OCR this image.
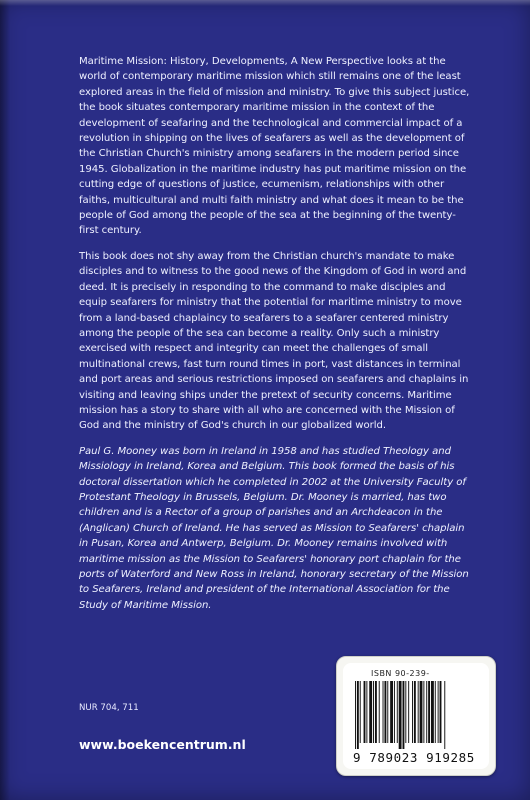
Maritime Mission: History, Developments, A New Perspective looks at the world of contemporary maritime mission which still remains one of the least explored areas in the field of mission and ministry. To give this subject justice, the book situates contemporary maritime mission in the context of the development of seafaring and the technological and commercial impact of a revolution in shipping on the lives of seafarers as well as the development of the Christian Church's ministry among seafarers in the modern period since 1945. Globalization in the maritime industry has put maritime mission on the cutting edge of questions of justice, ecumenism, relationships with other faiths, multicultural and multi faith ministry and what does it mean to be the people of God among the people of the sea at the beginning of the twenty-first century.

This book does not shy away from the Christian church's mandate to make disciples and to witness to the good news of the Kingdom of God in word and deed. It is precisely in responding to the command to make disciples and equip seafarers for ministry that the potential for maritime ministry to move from a land-based chaplaincy to seafarers to a seafarer centered ministry among the people of the sea can become a reality. Only such a ministry exercised with respect and integrity can meet the challenges of small multinational crews, fast turn round times in port, vast distances in terminal and port areas and serious restrictions imposed on seafarers and chaplains in visiting and leaving ships under the pretext of security concerns. Maritime mission has a story to share with all who are concerned with the Mission of God and the ministry of God's church in our globalized world.

Paul G. Mooney was born in Ireland in 1958 and has studied Theology and Missiology in Ireland, Korea and Belgium. This book formed the basis of his doctoral dissertation which he completed in 2002 at the University Faculty of Protestant Theology in Brussels, Belgium. Dr. Mooney is married, has two children and is a Rector of a group of parishes and an Archdeacon in the (Anglican) Church of Ireland. He has served as Mission to Seafarers' chaplain in Pusan, Korea and Antwerp, Belgium. Dr. Mooney remains involved with maritime mission as the Mission to Seafarers' honorary port chaplain for the ports of Waterford and New Ross in Ireland, honorary secretary of the Mission to Seafarers, Ireland and president of the International Association for the Study of Maritime Mission.

NUR 704, 711
www.boekencentrum.nl
ISBN 90-239-
9 789023 919285
